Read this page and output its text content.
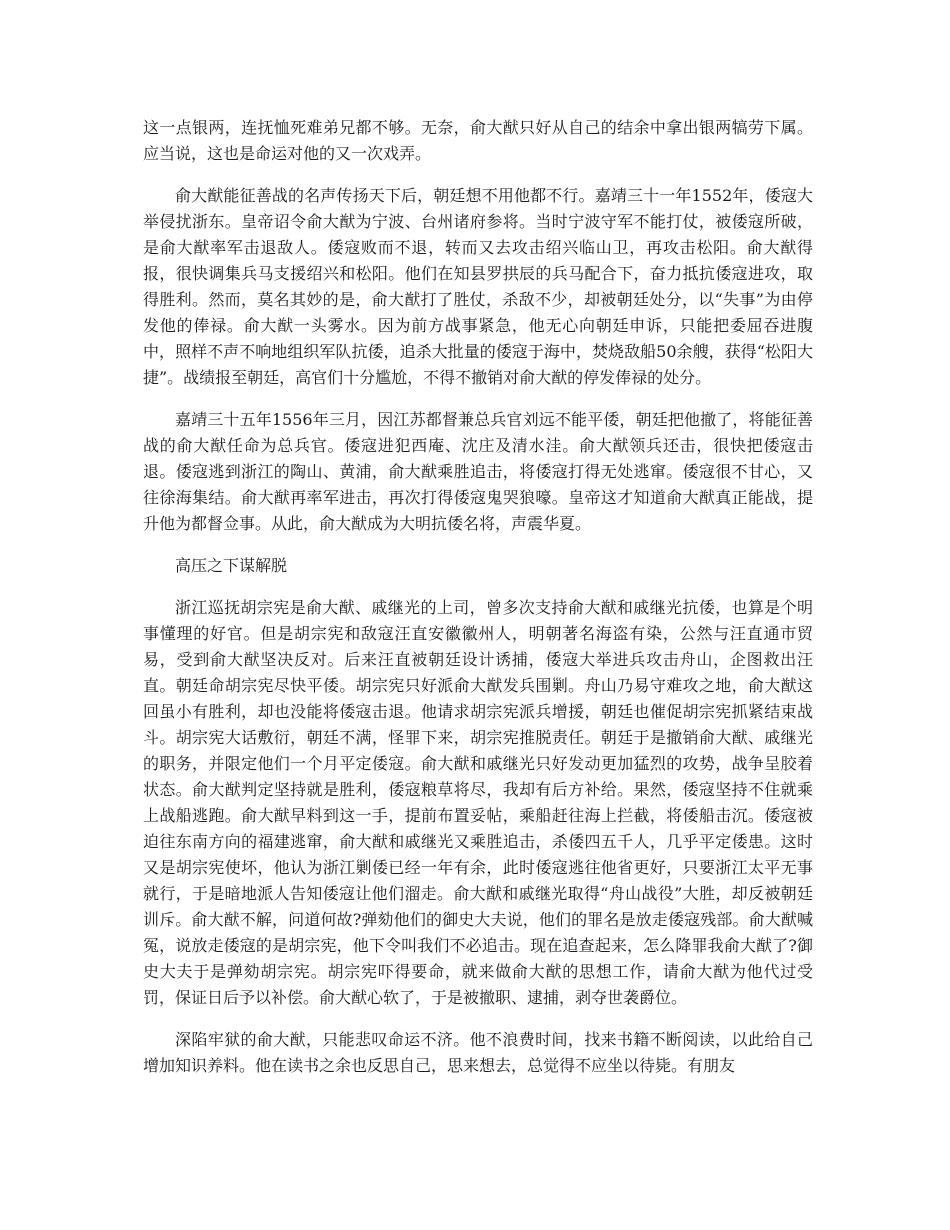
这一点银两，连抚恤死难弟兄都不够。无奈，俞大猷只好从自己的结余中拿出银两犒劳下属。应当说，这也是命运对他的又一次戏弄。

俞大猷能征善战的名声传扬天下后，朝廷想不用他都不行。嘉靖三十一年1552年，倭寇大举侵扰浙东。皇帝诏令俞大猷为宁波、台州诸府参将。当时宁波守军不能打仗，被倭寇所破，是俞大猷率军击退敌人。倭寇败而不退，转而又去攻击绍兴临山卫，再攻击松阳。俞大猷得报，很快调集兵马支援绍兴和松阳。他们在知县罗拱辰的兵马配合下，奋力抵抗倭寇进攻，取得胜利。然而，莫名其妙的是，俞大猷打了胜仗，杀敌不少，却被朝廷处分，以“失事”为由停发他的俸禄。俞大猷一头雾水。因为前方战事紧急，他无心向朝廷申诉，只能把委屈吞进腹中，照样不声不响地组织军队抗倭，追杀大批量的倭寇于海中，焚烧敌船50余艘，获得“松阳大捷”。战绩报至朝廷，高官们十分尴尬，不得不撤销对俞大猷的停发俸禄的处分。

嘉靖三十五年1556年三月，因江苏都督兼总兵官刘远不能平倭，朝廷把他撤了，将能征善战的俞大猷任命为总兵官。倭寇进犯西庵、沈庄及清水洼。俞大猷领兵还击，很快把倭寇击退。倭寇逃到浙江的陶山、黄浦，俞大猷乘胜追击，将倭寇打得无处逃窜。倭寇很不甘心，又往徐海集结。俞大猷再率军进击，再次打得倭寇鬼哭狼嚎。皇帝这才知道俞大猷真正能战，提升他为都督佥事。从此，俞大猷成为大明抗倭名将，声震华夏。

高压之下谋解脱

浙江巡抚胡宗宪是俞大猷、戚继光的上司，曾多次支持俞大猷和戚继光抗倭，也算是个明事懂理的好官。但是胡宗宪和敌寇汪直安徽徽州人，明朝著名海盗有染，公然与汪直通市贸易，受到俞大猷坚决反对。后来汪直被朝廷设计诱捕，倭寇大举进兵攻击舟山，企图救出汪直。朝廷命胡宗宪尽快平倭。胡宗宪只好派俞大猷发兵围剿。舟山乃易守难攻之地，俞大猷这回虽小有胜利，却也没能将倭寇击退。他请求胡宗宪派兵增援，朝廷也催促胡宗宪抓紧结束战斗。胡宗宪大话敷衍，朝廷不满，怪罪下来，胡宗宪推脱责任。朝廷于是撤销俞大猷、戚继光的职务，并限定他们一个月平定倭寇。俞大猷和戚继光只好发动更加猛烈的攻势，战争呈胶着状态。俞大猷判定坚持就是胜利，倭寇粮草将尽，我却有后方补给。果然，倭寇坚持不住就乘上战船逃跑。俞大猷早料到这一手，提前布置妥帖，乘船赶往海上拦截，将倭船击沉。倭寇被迫往东南方向的福建逃窜，俞大猷和戚继光又乘胜追击，杀倭四五千人，几乎平定倭患。这时又是胡宗宪使坏，他认为浙江剿倭已经一年有余，此时倭寇逃往他省更好，只要浙江太平无事就行，于是暗地派人告知倭寇让他们溜走。俞大猷和戚继光取得“舟山战役”大胜，却反被朝廷训斥。俞大猷不解，问道何故?弹劾他们的御史大夫说，他们的罪名是放走倭寇残部。俞大猷喊冤，说放走倭寇的是胡宗宪，他下令叫我们不必追击。现在追查起来，怎么降罪我俞大猷了?御史大夫于是弹劾胡宗宪。胡宗宪吓得要命，就来做俞大猷的思想工作，请俞大猷为他代过受罚，保证日后予以补偿。俞大猷心软了，于是被撤职、逮捕，剥夺世袭爵位。

深陷牢狱的俞大猷，只能悲叹命运不济。他不浪费时间，找来书籍不断阅读，以此给自己增加知识养料。他在读书之余也反思自己，思来想去，总觉得不应坐以待毙。有朋友
